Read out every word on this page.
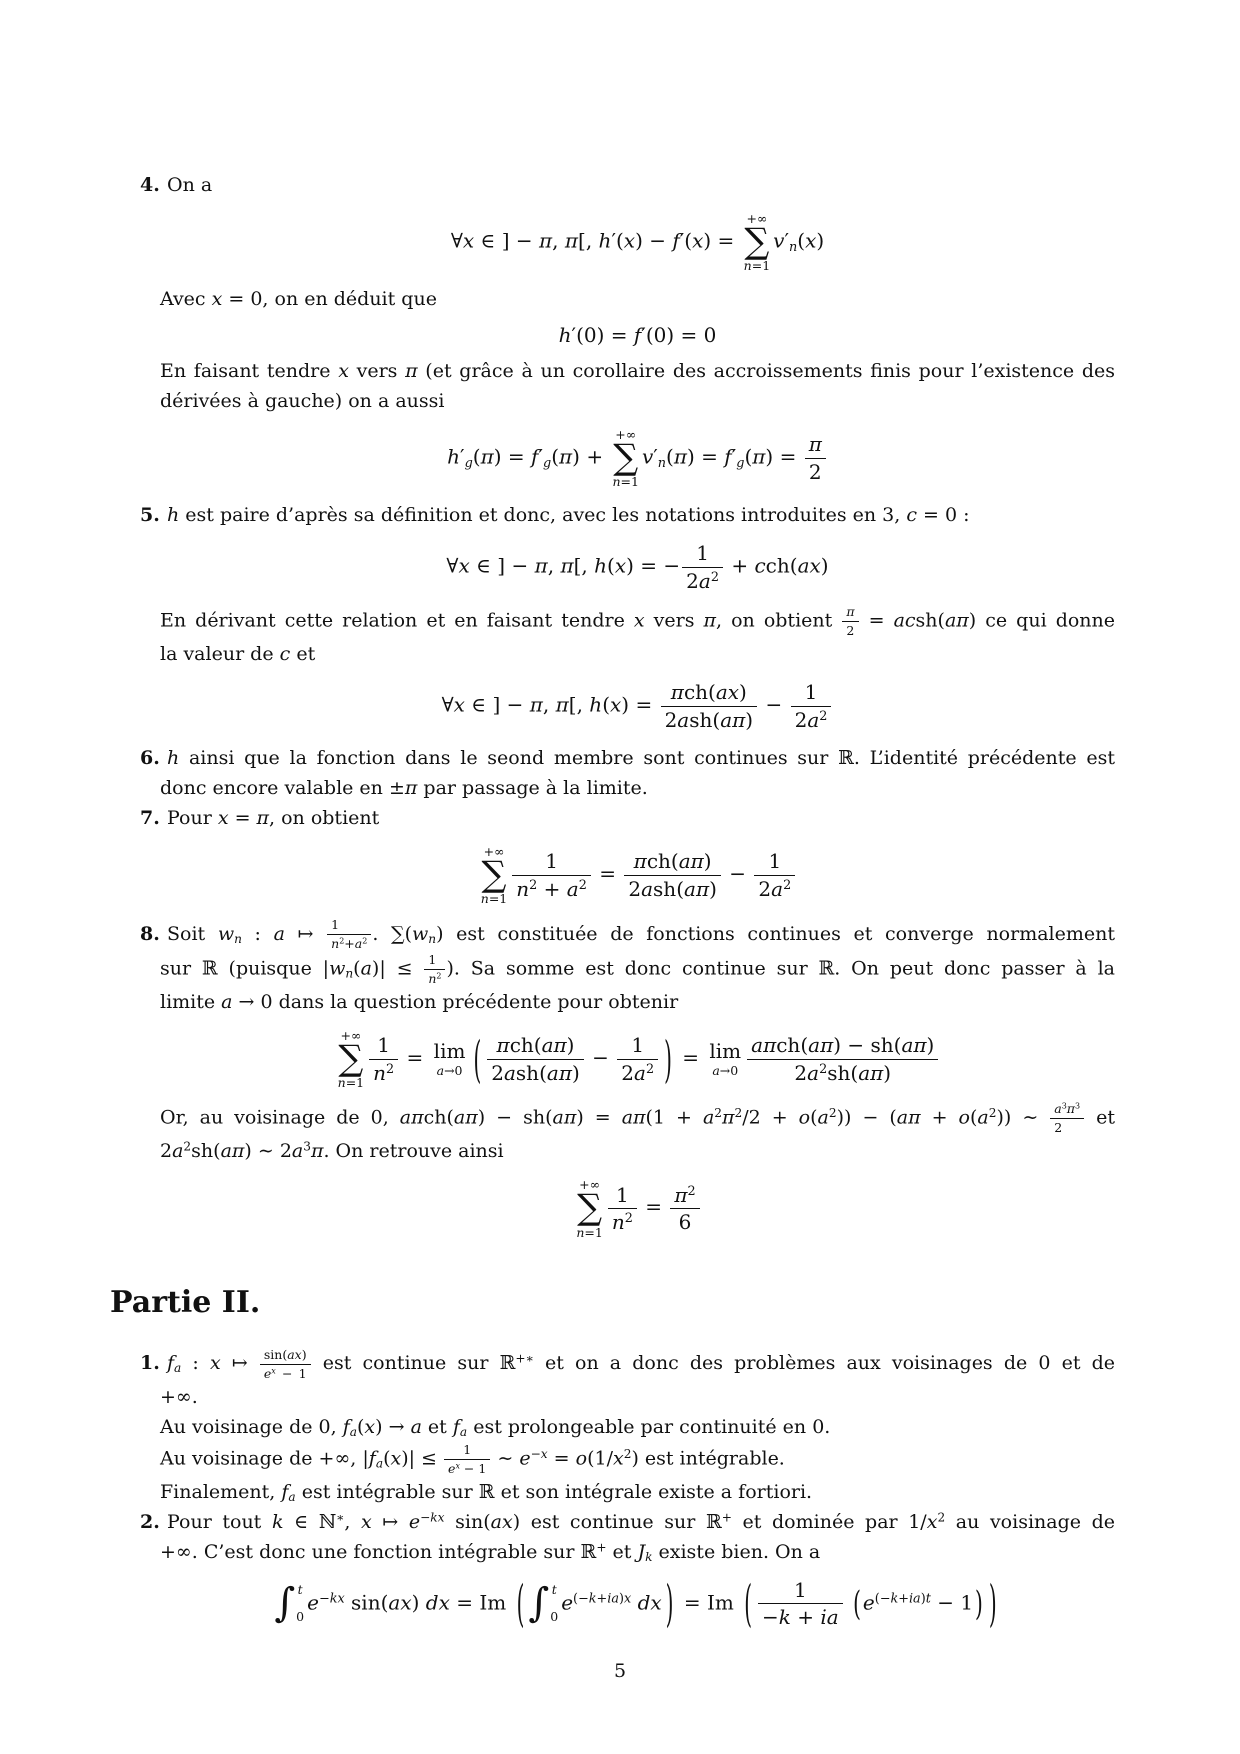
4. On a
∀x ∈ ] − π, π[, h′(x) − f′(x) =
+∞
∑
n=1
$v'_n(x)$
Avec x = 0, on en déduit que
h′(0) = f′(0) = 0
En faisant tendre x vers π (et grâce à un corollaire des accroissements finis pour l’existence des
dérivées à gauche) on a aussi
$h'_g(\pi) = f'_g(\pi)$ +
+∞
∑
n=1
$v'_n(\pi) = f'_g(\pi) = \frac{\pi}{2}$
5. h est paire d’après sa définition et donc, avec les notations introduites en 3, c = 0 :
∀x ∈ ] − π, π[, h(x) = − $\frac{1}{2a^2} + cch(ax)$
En dérivant cette relation et en faisant tendre x vers π, on obtient $\frac{\pi}{2}$ = acsh(aπ) ce qui donne
la valeur de c et
∀x ∈ ] − π, π[, $h(x) = \frac{\text{πch(ax)}}{\text{2ash(aπ)}} - \frac{1}{2a^2}$
6. h ainsi que la fonction dans le seond membre sont continues sur ℝ. L’identité précédente est
donc encore valable en ±π par passage à la limite.
7. Pour x = π, on obtient
+∞
∑
$n=1 \frac{1}{n^2 + a^2} = \frac{\text{πch(aπ)}}{\text{2ash(aπ)}} - \frac{1}{2a^2}$
8. Soit $w_n$ : a ↦ $\frac{1}{n^2+a^2}$ . $\sum(w_n)$ est constituée de fonctions continues et converge normalement
sur ℝ (puisque $|w_n(a)| \le \frac{1}{n^2}$ ). Sa somme est donc continue sur ℝ. On peut donc passer à la
limite a → 0 dans la question précédente pour obtenir
+∞
∑
$n=1 \frac{1}{n^2} = \lim$
a→0 ( $\frac{\text{πch(aπ)}}{\text{2ash(aπ)}} - \frac{1}{2a^2}$ ) = lim
$a\to 0 \frac{\text{aπch(aπ) − sh(aπ)}}{2a^2sh(a\pi)}$
Or, au voisinage de 0, $a\pi ch(a\pi) - sh(a\pi) = a\pi(1 + a^2\pi^2/2 + o(a^2)) - (a\pi + o(a^2))$ ∼ $\frac{a^3\pi^3}{2}$ et
$2a^2sh(a\pi)$ ∼ $2a^3\pi$. On retrouve ainsi
+∞
∑
$n=1 \frac{1}{n^2} = \frac{\pi^2}{6}$
Partie II.
1. $f_a$ : x ↦ $\frac{\sin(ax)}{e^x - 1}$ est continue sur ℝ+∗ et on a donc des problèmes aux voisinages de 0 et de
+∞.
Au voisinage de 0, $f_a(x) \to a$ et $f_a$ est prolongeable par continuité en 0.
Au voisinage de +∞, $|f_a(x)| \le \frac{1}{e^x - 1}$ ∼ $e^{-x} = o(1/x^2)$ est intégrable.
Finalement, $f_a$ est intégrable sur ℝ et son intégrale existe a fortiori.
2. Pour tout k ∈ ℕ∗, x ↦ $e^{-kx}$ sin(ax) est continue sur ℝ+ et dominée par $1/x^2$ au voisinage de
+∞. C’est donc une fonction intégrable sur ℝ+ et $J_k$ existe bien. On a
∫ t
0
$e^{-kx}$ sin(ax) dx = Im ( ∫ t
0
$e^{(-k+ia)x}$ dx ) = Im ( $\frac{1}{-k + ia}$ ( $e^{(-k+ia)t} - 1$ ) )
5
